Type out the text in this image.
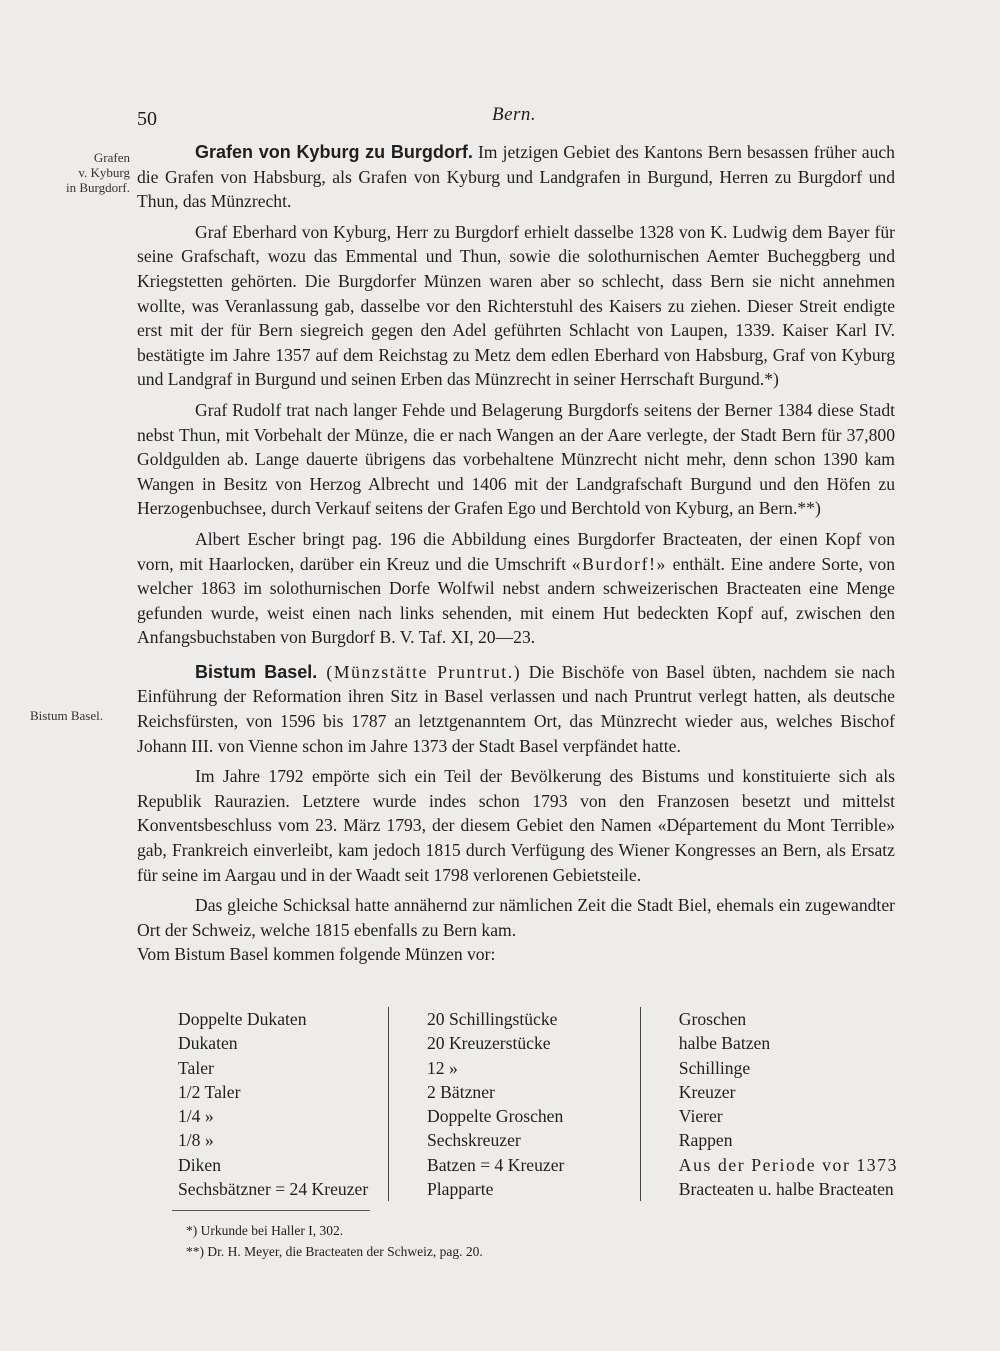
50	Bern.
Grafen
v. Kyburg
in Burgdorf.
Bistum Basel.

Grafen von Kyburg zu Burgdorf. Im jetzigen Gebiet des Kantons Bern besassen früher auch die Grafen von Habsburg, als Grafen von Kyburg und Landgrafen in Burgund, Herren zu Burgdorf und Thun, das Münzrecht.

Graf Eberhard von Kyburg, Herr zu Burgdorf erhielt dasselbe 1328 von K. Ludwig dem Bayer für seine Grafschaft, wozu das Emmental und Thun, sowie die solothurnischen Aemter Bucheggberg und Kriegstetten gehörten. Die Burgdorfer Münzen waren aber so schlecht, dass Bern sie nicht annehmen wollte, was Veranlassung gab, dasselbe vor den Richterstuhl des Kaisers zu ziehen. Dieser Streit endigte erst mit der für Bern siegreich gegen den Adel geführten Schlacht von Laupen, 1339. Kaiser Karl IV. bestätigte im Jahre 1357 auf dem Reichstag zu Metz dem edlen Eberhard von Habsburg, Graf von Kyburg und Landgraf in Burgund und seinen Erben das Münzrecht in seiner Herrschaft Burgund.*)

Graf Rudolf trat nach langer Fehde und Belagerung Burgdorfs seitens der Berner 1384 diese Stadt nebst Thun, mit Vorbehalt der Münze, die er nach Wangen an der Aare verlegte, der Stadt Bern für 37,800 Goldgulden ab. Lange dauerte übrigens das vorbehaltene Münzrecht nicht mehr, denn schon 1390 kam Wangen in Besitz von Herzog Albrecht und 1406 mit der Landgrafschaft Burgund und den Höfen zu Herzogenbuchsee, durch Verkauf seitens der Grafen Ego und Berchtold von Kyburg, an Bern.**)

Albert Escher bringt pag. 196 die Abbildung eines Burgdorfer Bracteaten, der einen Kopf von vorn, mit Haarlocken, darüber ein Kreuz und die Umschrift «Burdorf!» enthält. Eine andere Sorte, von welcher 1863 im solothurnischen Dorfe Wolfwil nebst andern schweizerischen Bracteaten eine Menge gefunden wurde, weist einen nach links sehenden, mit einem Hut bedeckten Kopf auf, zwischen den Anfangsbuchstaben von Burgdorf B. V. Taf. XI, 20—23.

Bistum Basel. (Münzstätte Pruntrut.) Die Bischöfe von Basel übten, nachdem sie nach Einführung der Reformation ihren Sitz in Basel verlassen und nach Pruntrut verlegt hatten, als deutsche Reichsfürsten, von 1596 bis 1787 an letztgenanntem Ort, das Münzrecht wieder aus, welches Bischof Johann III. von Vienne schon im Jahre 1373 der Stadt Basel verpfändet hatte.

Im Jahre 1792 empörte sich ein Teil der Bevölkerung des Bistums und konstituierte sich als Republik Raurazien. Letztere wurde indes schon 1793 von den Franzosen besetzt und mittelst Konventsbeschluss vom 23. März 1793, der diesem Gebiet den Namen «Département du Mont Terrible» gab, Frankreich einverleibt, kam jedoch 1815 durch Verfügung des Wiener Kongresses an Bern, als Ersatz für seine im Aargau und in der Waadt seit 1798 verlorenen Gebietsteile.

Das gleiche Schicksal hatte annähernd zur nämlichen Zeit die Stadt Biel, ehemals ein zugewandter Ort der Schweiz, welche 1815 ebenfalls zu Bern kam.

Vom Bistum Basel kommen folgende Münzen vor:

Doppelte Dukaten
Dukaten
Taler
1/2 Taler
1/4 »
1/8 »
Diken
Sechsbätzner = 24 Kreuzer
20 Schillingstücke
20 Kreuzerstücke
12 »
2 Bätzner
Doppelte Groschen
Sechskreuzer
Batzen = 4 Kreuzer
Plapparte
Groschen
halbe Batzen
Schillinge
Kreuzer
Vierer
Rappen
Aus der Periode vor 1373
Bracteaten u. halbe Bracteaten
*) Urkunde bei Haller I, 302.
**) Dr. H. Meyer, die Bracteaten der Schweiz, pag. 20.
